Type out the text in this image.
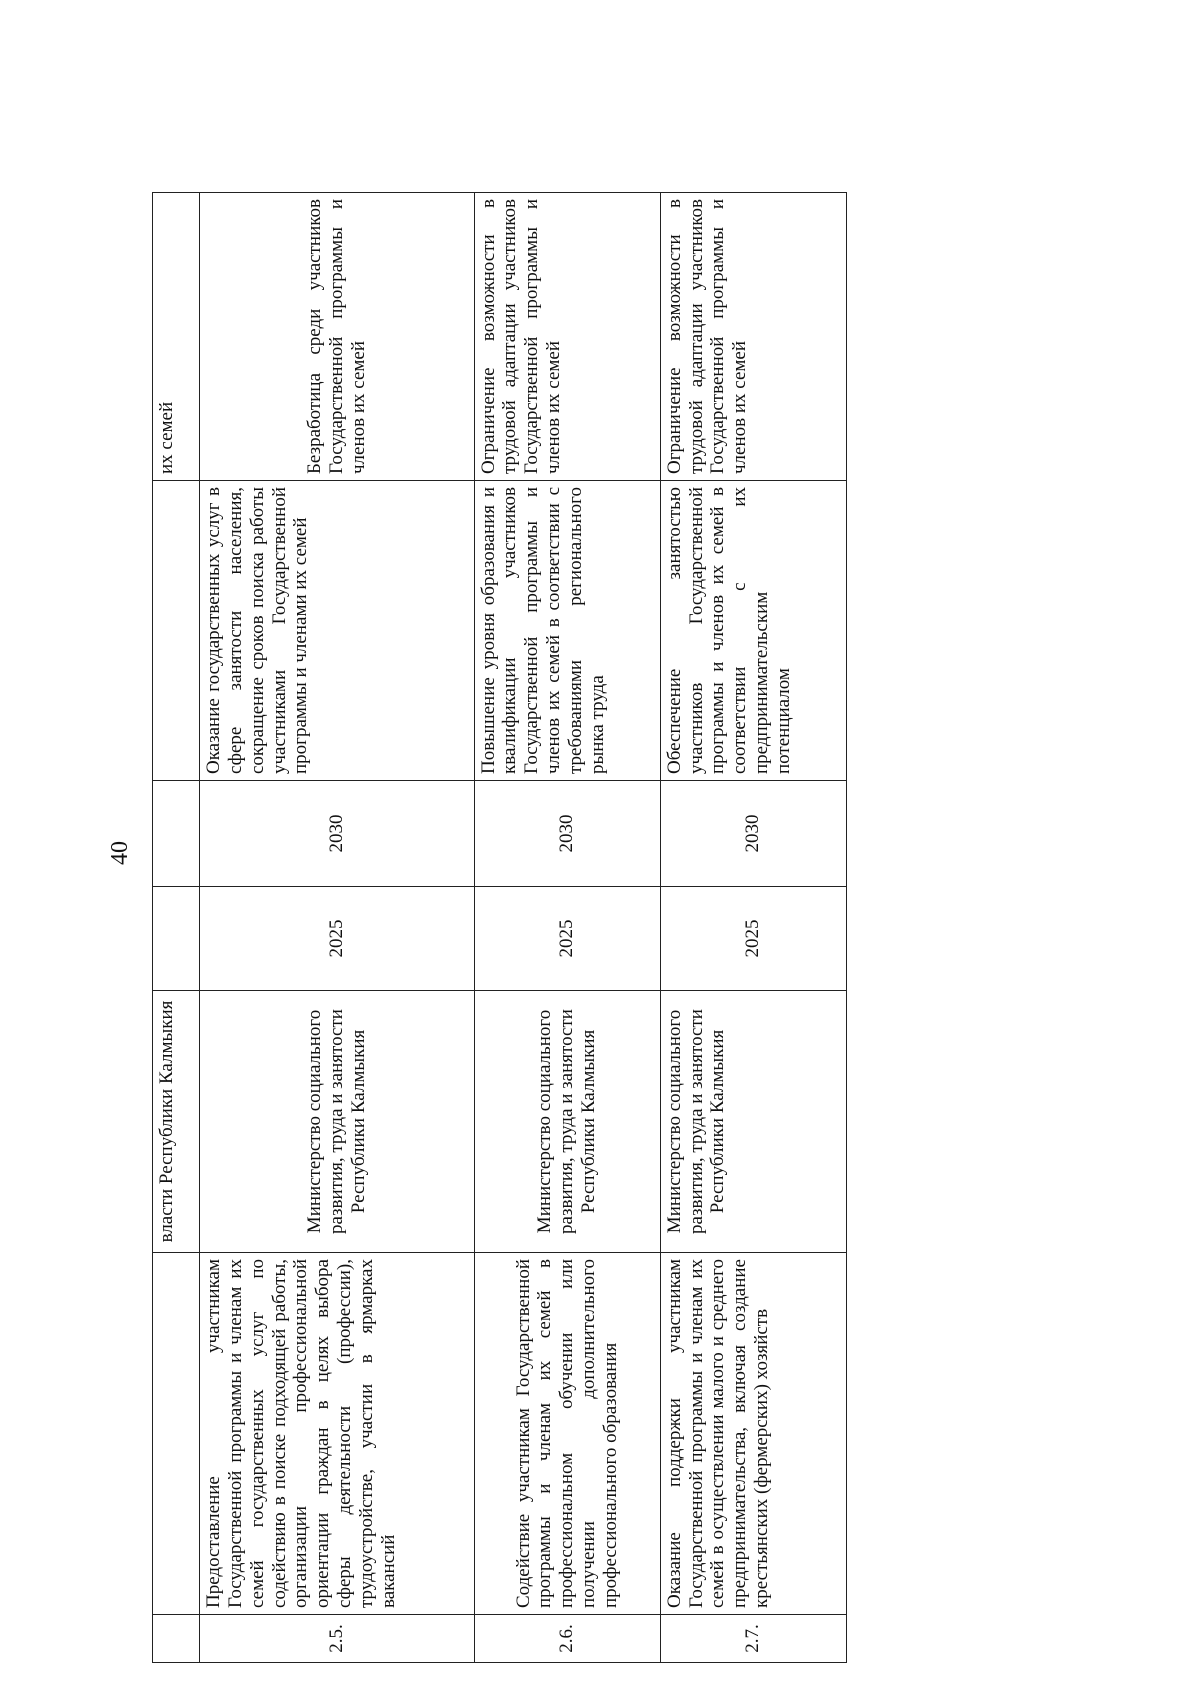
40
		власти Республики Калмыкия				их семей
2.5.	Предоставление участникам Государственной программы и членам их семей государственных услуг по содействию в поиске подходящей работы, организации профессиональной ориентации граждан в целях выбора сферы деятельности (профессии), трудоустройстве, участии в ярмарках вакансий	Министерство социального развития, труда и занятости Республики Калмыкия	2025	2030	Оказание государственных услуг в сфере занятости населения, сокращение сроков поиска работы участниками Государственной программы и членами их семей	Безработица среди участников Государственной программы и членов их семей
2.6.	Содействие участникам Государственной программы и членам их семей в профессиональном обучении или получении дополнительного профессионального образования	Министерство социального развития, труда и занятости Республики Калмыкия	2025	2030	Повышение уровня образования и квалификации участников Государственной программы и членов их семей в соответствии с требованиями регионального рынка труда	Ограничение возможности в трудовой адаптации участников Государственной программы и членов их семей
2.7.	Оказание поддержки участникам Государственной программы и членам их семей в осуществлении малого и среднего предпринимательства, включая создание крестьянских (фермерских) хозяйств	Министерство социального развития, труда и занятости Республики Калмыкия	2025	2030	Обеспечение занятостью участников Государственной программы и членов их семей в соответствии с их предпринимательским потенциалом	Ограничение возможности в трудовой адаптации участников Государственной программы и членов их семей
